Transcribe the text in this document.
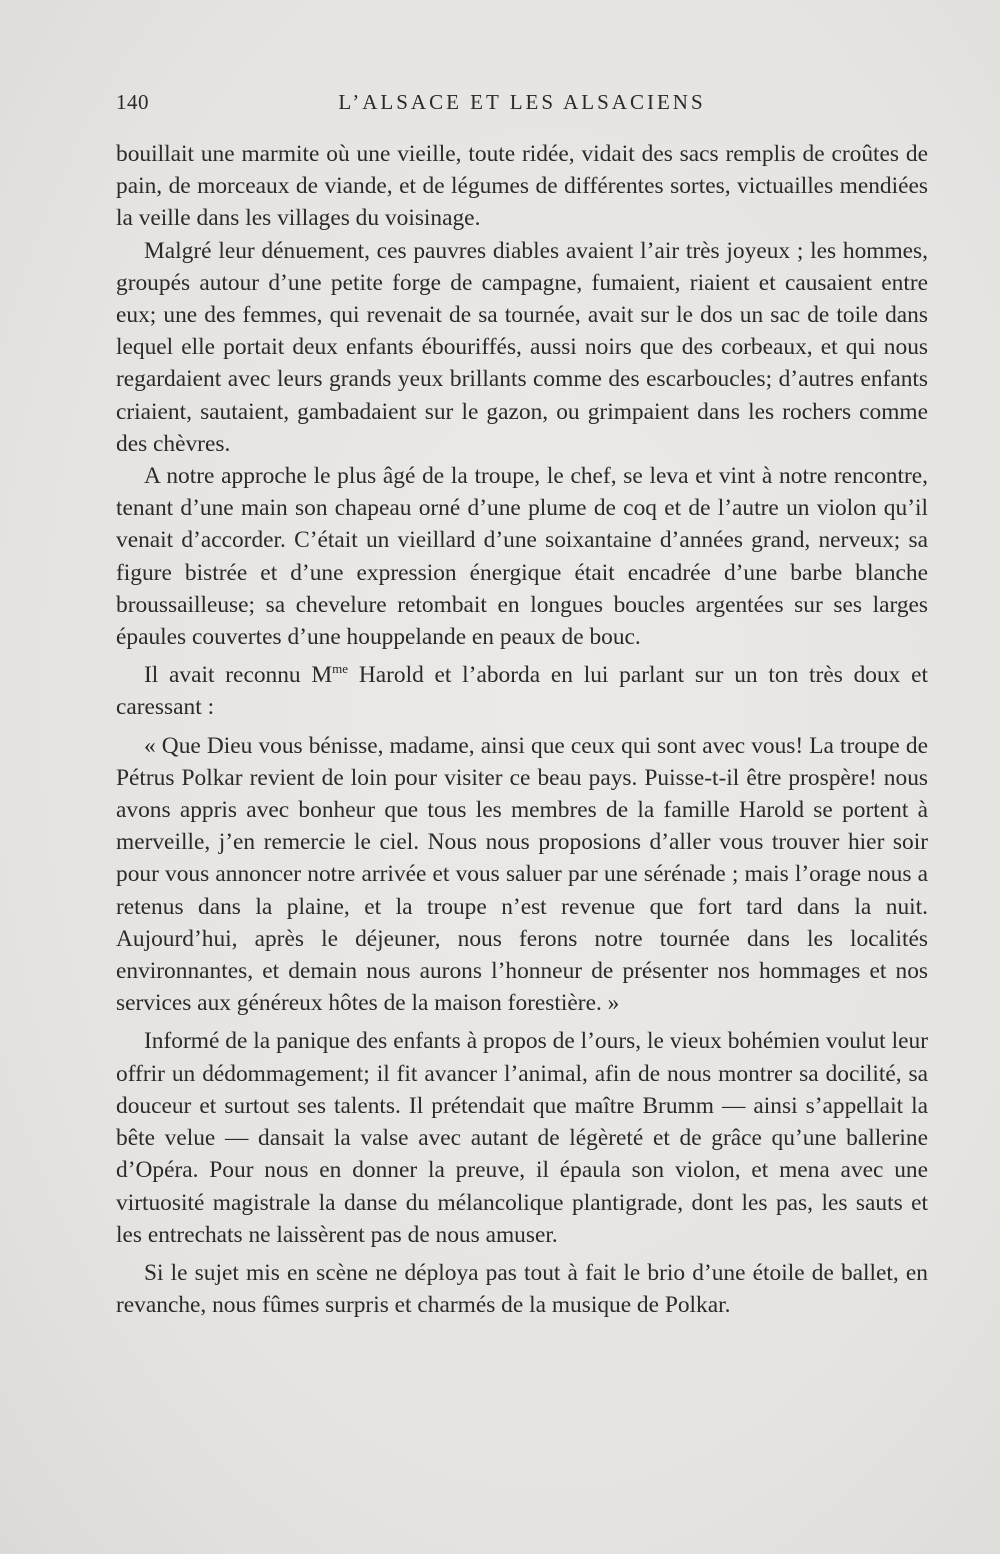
140	L’ALSACE ET LES ALSACIENS

bouillait une marmite où une vieille, toute ridée, vidait des sacs remplis de croûtes de pain, de morceaux de viande, et de légumes de différentes sortes, victuailles mendiées la veille dans les villages du voisinage.

Malgré leur dénuement, ces pauvres diables avaient l’air très joyeux ; les hommes, groupés autour d’une petite forge de campagne, fumaient, riaient et causaient entre eux; une des femmes, qui revenait de sa tournée, avait sur le dos un sac de toile dans lequel elle portait deux enfants ébouriffés, aussi noirs que des corbeaux, et qui nous regardaient avec leurs grands yeux brillants comme des escarboucles; d’autres enfants criaient, sautaient, gambadaient sur le gazon, ou grimpaient dans les rochers comme des chèvres.

A notre approche le plus âgé de la troupe, le chef, se leva et vint à notre rencontre, tenant d’une main son chapeau orné d’une plume de coq et de l’autre un violon qu’il venait d’accorder. C’était un vieillard d’une soixantaine d’années grand, nerveux; sa figure bistrée et d’une expression énergique était encadrée d’une barbe blanche broussailleuse; sa chevelure retombait en longues boucles argentées sur ses larges épaules couvertes d’une houppelande en peaux de bouc.

Il avait reconnu $M^{me}$ Harold et l’aborda en lui parlant sur un ton très doux et caressant :

« Que Dieu vous bénisse, madame, ainsi que ceux qui sont avec vous! La troupe de Pétrus Polkar revient de loin pour visiter ce beau pays. Puisse-t-il être prospère! nous avons appris avec bonheur que tous les membres de la famille Harold se portent à merveille, j’en remercie le ciel. Nous nous proposions d’aller vous trouver hier soir pour vous annoncer notre arrivée et vous saluer par une sérénade ; mais l’orage nous a retenus dans la plaine, et la troupe n’est revenue que fort tard dans la nuit. Aujourd’hui, après le déjeuner, nous ferons notre tournée dans les localités environnantes, et demain nous aurons l’honneur de présenter nos hommages et nos services aux généreux hôtes de la maison forestière. »

Informé de la panique des enfants à propos de l’ours, le vieux bohémien voulut leur offrir un dédommagement; il fit avancer l’animal, afin de nous montrer sa docilité, sa douceur et surtout ses talents. Il prétendait que maître Brumm — ainsi s’appellait la bête velue — dansait la valse avec autant de légèreté et de grâce qu’une ballerine d’Opéra. Pour nous en donner la preuve, il épaula son violon, et mena avec une virtuosité magistrale la danse du mélancolique plantigrade, dont les pas, les sauts et les entrechats ne laissèrent pas de nous amuser.

Si le sujet mis en scène ne déploya pas tout à fait le brio d’une étoile de ballet, en revanche, nous fûmes surpris et charmés de la musique de Polkar.
